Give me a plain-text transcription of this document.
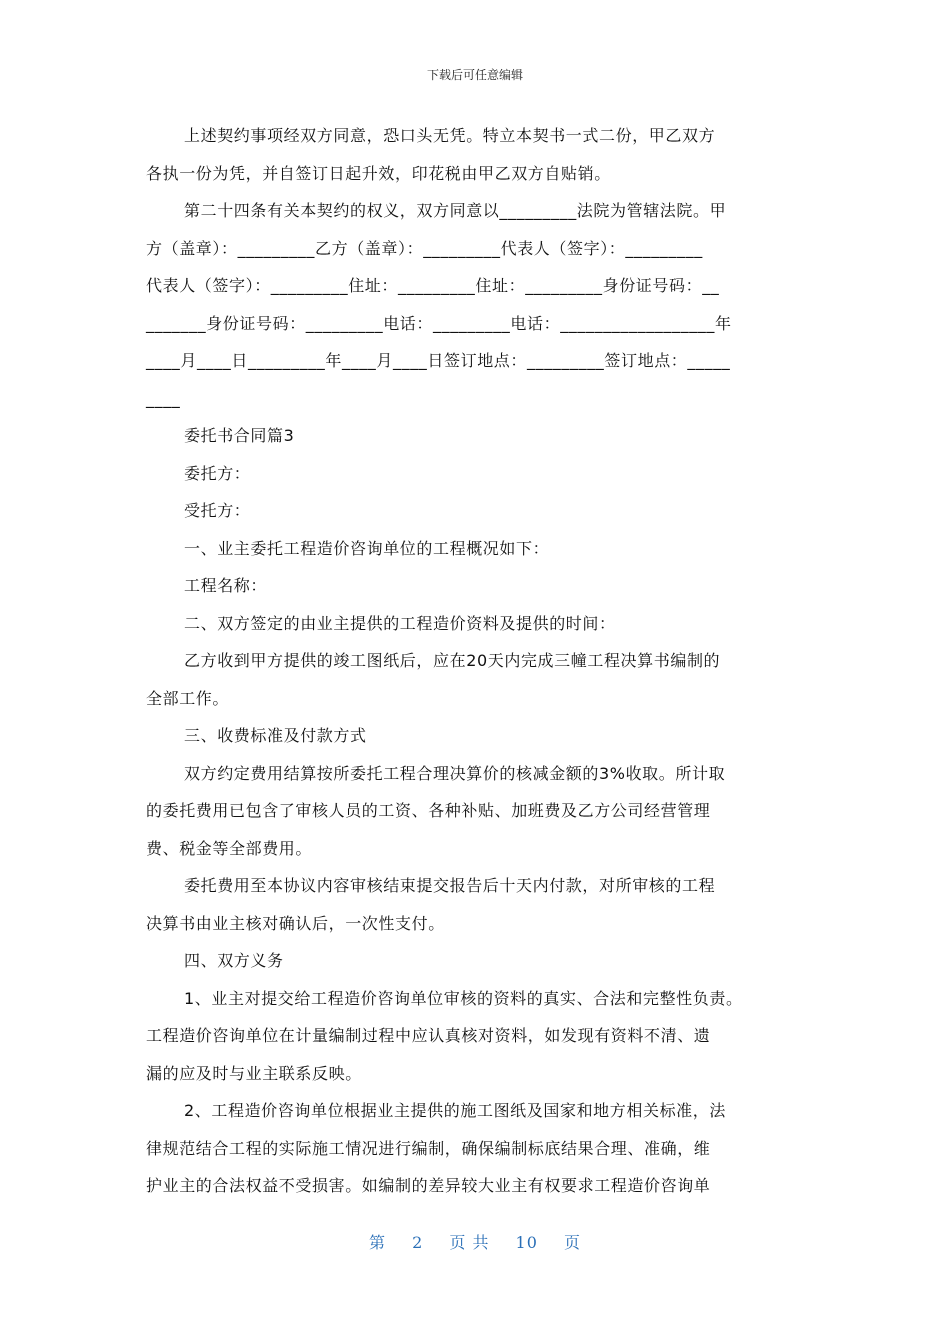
下载后可任意编辑
上述契约事项经双方同意，恐口头无凭。特立本契书一式二份，甲乙双方
各执一份为凭，并自签订日起升效，印花税由甲乙双方自贴销。
第二十四条有关本契约的权义，双方同意以_________法院为管辖法院。甲
方（盖章）：_________乙方（盖章）：_________代表人（签字）：_________
代表人（签字）：_________住址：_________住址：_________身份证号码：__
_______身份证号码：_________电话：_________电话：__________________年
____月____日_________年____月____日签订地点：_________签订地点：_____
____
委托书合同篇3
委托方：
受托方：
一、业主委托工程造价咨询单位的工程概况如下：
工程名称：
二、双方签定的由业主提供的工程造价资料及提供的时间：
乙方收到甲方提供的竣工图纸后，应在20天内完成三幢工程决算书编制的
全部工作。
三、收费标准及付款方式
双方约定费用结算按所委托工程合理决算价的核减金额的3%收取。所计取
的委托费用已包含了审核人员的工资、各种补贴、加班费及乙方公司经营管理
费、税金等全部费用。
委托费用至本协议内容审核结束提交报告后十天内付款，对所审核的工程
决算书由业主核对确认后，一次性支付。
四、双方义务
1、业主对提交给工程造价咨询单位审核的资料的真实、合法和完整性负责。
工程造价咨询单位在计量编制过程中应认真核对资料，如发现有资料不清、遗
漏的应及时与业主联系反映。
2、工程造价咨询单位根据业主提供的施工图纸及国家和地方相关标准，法
律规范结合工程的实际施工情况进行编制，确保编制标底结果合理、准确，维
护业主的合法权益不受损害。如编制的差异较大业主有权要求工程造价咨询单
第 2 页 共 10 页
